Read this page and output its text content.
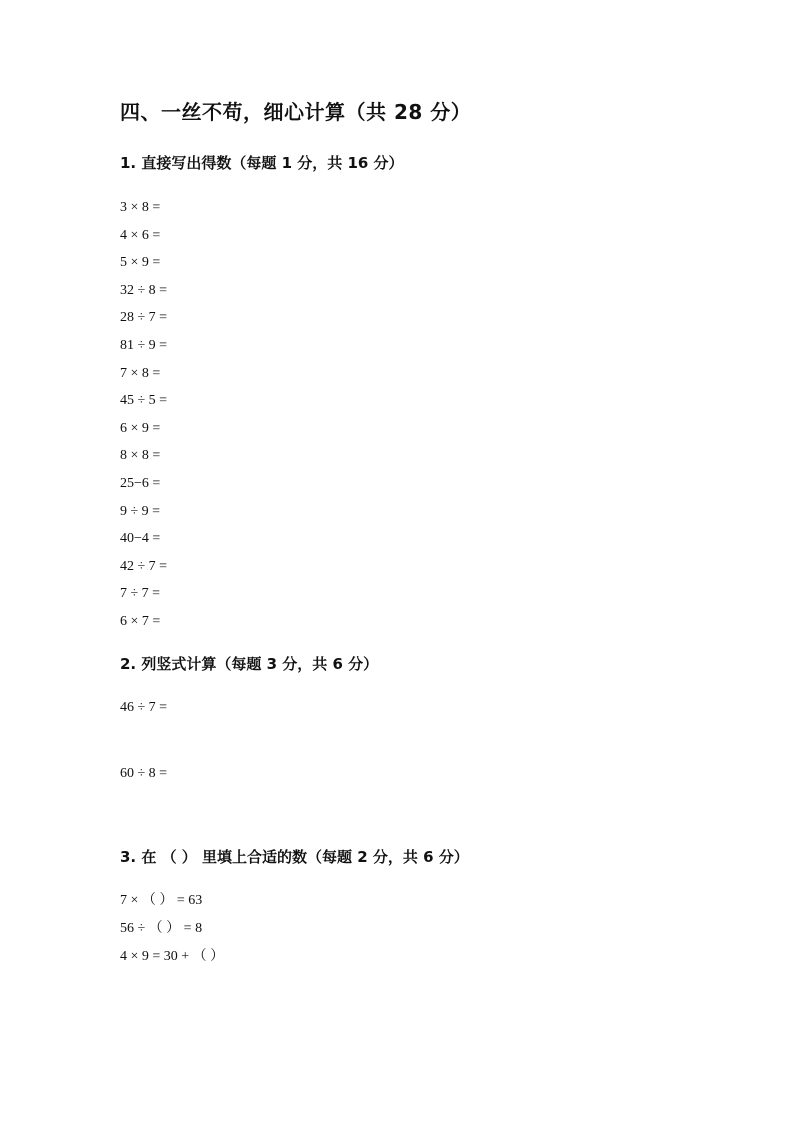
四、一丝不苟，细心计算（共 28 分）
1. 直接写出得数（每题 1 分，共 16 分）
3 × 8 =
4 × 6 =
5 × 9 =
32 ÷ 8 =
28 ÷ 7 =
81 ÷ 9 =
7 × 8 =
45 ÷ 5 =
6 × 9 =
8 × 8 =
25−6 =
9 ÷ 9 =
40−4 =
42 ÷ 7 =
7 ÷ 7 =
6 × 7 =
2. 列竖式计算（每题 3 分，共 6 分）
46 ÷ 7 =
60 ÷ 8 =
3. 在 （ ） 里填上合适的数（每题 2 分，共 6 分）
7 × （ ） = 63
56 ÷ （ ） = 8
4 × 9 = 30 + （ ）
